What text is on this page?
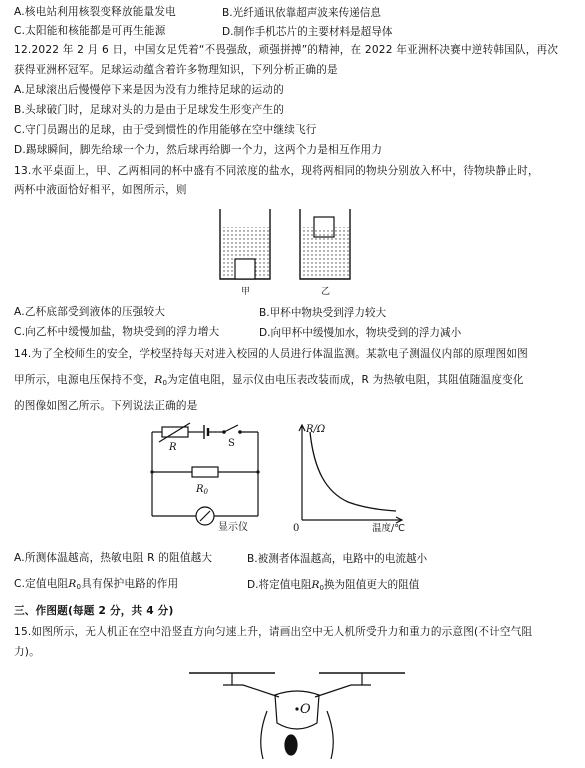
A.核电站利用核裂变释放能量发电	B.光纤通讯依靠超声波来传递信息
C.太阳能和核能都是可再生能源	D.制作手机芯片的主要材料是超导体
12.2022 年 2 月 6 日，中国女足凭着“不畏强敌，顽强拼搏”的精神，在 2022 年亚洲杯决赛中逆转韩国队，再次
获得亚洲杯冠军。足球运动蕴含着许多物理知识，下列分析正确的是
A.足球滚出后慢慢停下来是因为没有力维持足球的运动的
B.头球破门时，足球对头的力是由于足球发生形变产生的
C.守门员踢出的足球，由于受到惯性的作用能够在空中继续飞行
D.踢球瞬间，脚先给球一个力，然后球再给脚一个力，这两个力是相互作用力
13.水平桌面上，甲、乙两相同的杯中盛有不同浓度的盐水，现将两相同的物块分别放入杯中，待物块静止时，
两杯中液面恰好相平，如图所示，则
甲	乙
A.乙杯底部受到液体的压强较大	B.甲杯中物块受到浮力较大
C.向乙杯中缓慢加盐，物块受到的浮力增大	D.向甲杯中缓慢加水，物块受到的浮力减小
14.为了全校师生的安全，学校坚持每天对进入校园的人员进行体温监测。某款电子测温仪内部的原理图如图
甲所示，电源电压保持不变，$R_0$为定值电阻，显示仪由电压表改装而成，R 为热敏电阻，其阻值随温度变化
的图像如图乙所示。下列说法正确的是
R	S
$R_0$
显示仪
R/Ω
0	温度/℃
A.所测体温越高，热敏电阻 R 的阻值越大	B.被测者体温越高，电路中的电流越小
C.定值电阻$R_0$具有保护电路的作用	D.将定值电阻$R_0$换为阻值更大的阻值
三、作图题(每题 2 分，共 4 分)
15.如图所示，无人机正在空中沿竖直方向匀速上升，请画出空中无人机所受升力和重力的示意图(不计空气阻
力)。
O
